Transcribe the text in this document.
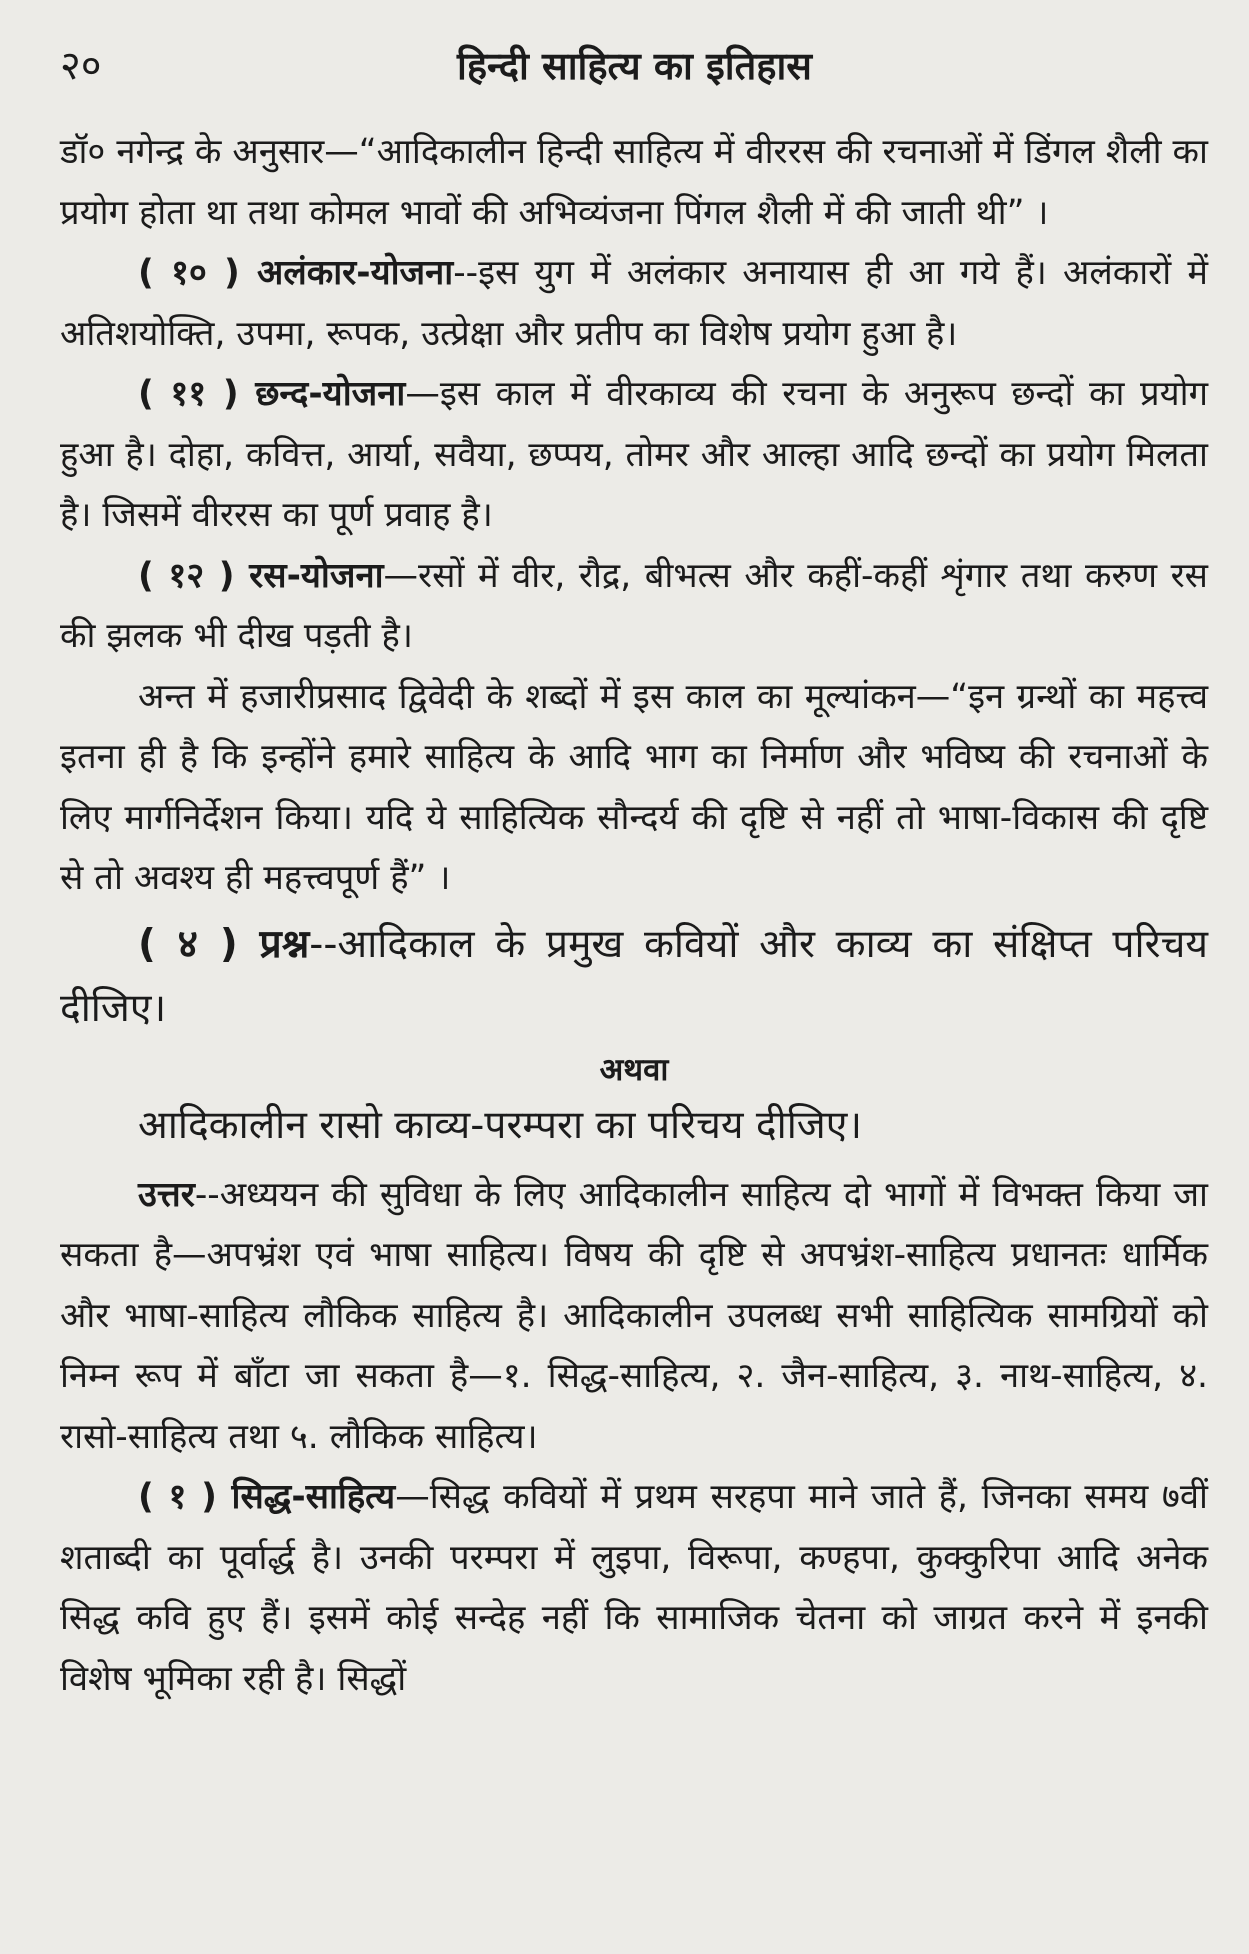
२०	हिन्दी साहित्य का इतिहास

डॉ० नगेन्द्र के अनुसार—“आदिकालीन हिन्दी साहित्य में वीररस की रचनाओं में डिंगल शैली का प्रयोग होता था तथा कोमल भावों की अभिव्यंजना पिंगल शैली में की जाती थी” ।

( १० ) अलंकार-योजना--इस युग में अलंकार अनायास ही आ गये हैं। अलंकारों में अतिशयोक्ति, उपमा, रूपक, उत्प्रेक्षा और प्रतीप का विशेष प्रयोग हुआ है।

( ११ ) छन्द-योजना—इस काल में वीरकाव्य की रचना के अनुरूप छन्दों का प्रयोग हुआ है। दोहा, कवित्त, आर्या, सवैया, छप्पय, तोमर और आल्हा आदि छन्दों का प्रयोग मिलता है। जिसमें वीररस का पूर्ण प्रवाह है।

( १२ ) रस-योजना—रसों में वीर, रौद्र, बीभत्स और कहीं-कहीं शृंगार तथा करुण रस की झलक भी दीख पड़ती है।

अन्त में हजारीप्रसाद द्विवेदी के शब्दों में इस काल का मूल्यांकन—“इन ग्रन्थों का महत्त्व इतना ही है कि इन्होंने हमारे साहित्य के आदि भाग का निर्माण और भविष्य की रचनाओं के लिए मार्गनिर्देशन किया। यदि ये साहित्यिक सौन्दर्य की दृष्टि से नहीं तो भाषा-विकास की दृष्टि से तो अवश्य ही महत्त्वपूर्ण हैं” ।

( ४ ) प्रश्न--आदिकाल के प्रमुख कवियों और काव्य का संक्षिप्त परिचय दीजिए।

अथवा

आदिकालीन रासो काव्य-परम्परा का परिचय दीजिए।

उत्तर--अध्ययन की सुविधा के लिए आदिकालीन साहित्य दो भागों में विभक्त किया जा सकता है—अपभ्रंश एवं भाषा साहित्य। विषय की दृष्टि से अपभ्रंश-साहित्य प्रधानतः धार्मिक और भाषा-साहित्य लौकिक साहित्य है। आदिकालीन उपलब्ध सभी साहित्यिक सामग्रियों को निम्न रूप में बाँटा जा सकता है—१. सिद्ध-साहित्य, २. जैन-साहित्य, ३. नाथ-साहित्य, ४. रासो-साहित्य तथा ५. लौकिक साहित्य।

( १ ) सिद्ध-साहित्य—सिद्ध कवियों में प्रथम सरहपा माने जाते हैं, जिनका समय ७वीं शताब्दी का पूर्वार्द्ध है। उनकी परम्परा में लुइपा, विरूपा, कण्हपा, कुक्कुरिपा आदि अनेक सिद्ध कवि हुए हैं। इसमें कोई सन्देह नहीं कि सामाजिक चेतना को जाग्रत करने में इनकी विशेष भूमिका रही है। सिद्धों
